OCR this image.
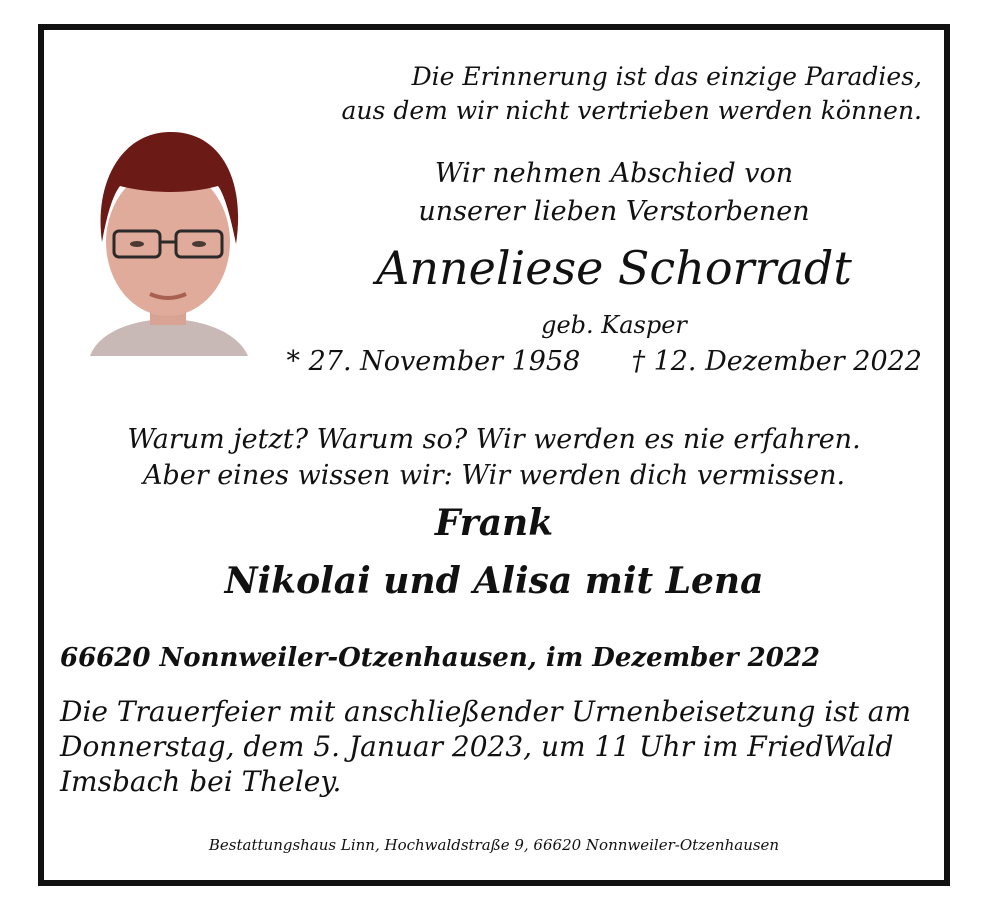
Die Erinnerung ist das einzige Paradies,
aus dem wir nicht vertrieben werden können.
Wir nehmen Abschied von
unserer lieben Verstorbenen
Anneliese Schorradt
geb. Kasper
* 27. November 1958 † 12. Dezember 2022
Warum jetzt? Warum so? Wir werden es nie erfahren.
Aber eines wissen wir: Wir werden dich vermissen.
Frank
Nikolai und Alisa mit Lena
66620 Nonnweiler-Otzenhausen, im Dezember 2022
Die Trauerfeier mit anschließender Urnenbeisetzung ist am
Donnerstag, dem 5. Januar 2023, um 11 Uhr im FriedWald
Imsbach bei Theley.
Bestattungshaus Linn, Hochwaldstraße 9, 66620 Nonnweiler-Otzenhausen
